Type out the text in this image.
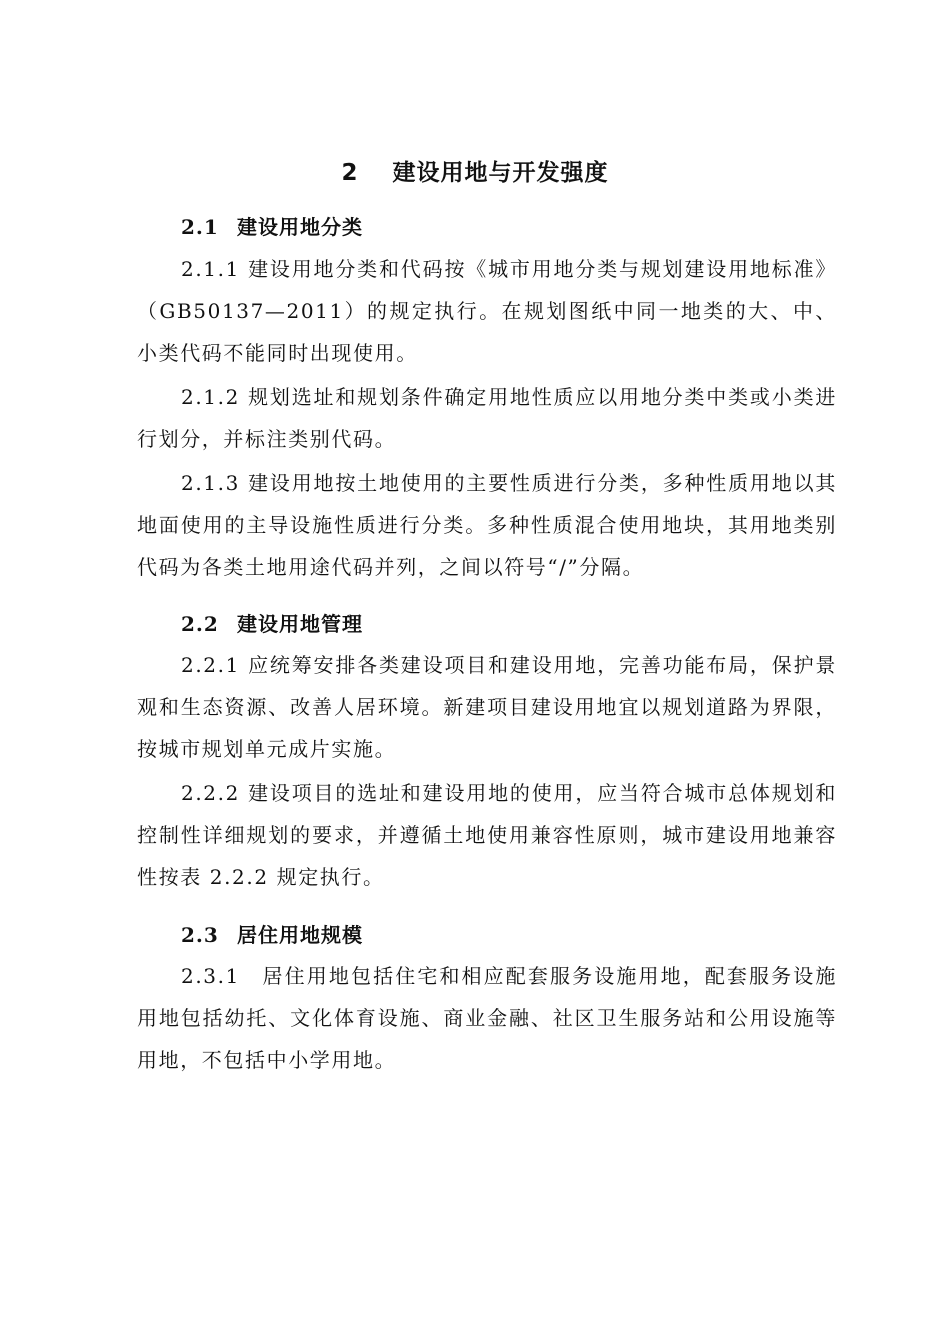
2 建设用地与开发强度
2.1 建设用地分类

2.1.1 建设用地分类和代码按《城市用地分类与规划建设用地标准》（GB50137—2011）的规定执行。在规划图纸中同一地类的大、中、小类代码不能同时出现使用。

2.1.2 规划选址和规划条件确定用地性质应以用地分类中类或小类进行划分，并标注类别代码。

2.1.3 建设用地按土地使用的主要性质进行分类，多种性质用地以其地面使用的主导设施性质进行分类。多种性质混合使用地块，其用地类别代码为各类土地用途代码并列，之间以符号“/”分隔。

2.2 建设用地管理

2.2.1 应统筹安排各类建设项目和建设用地，完善功能布局，保护景观和生态资源、改善人居环境。新建项目建设用地宜以规划道路为界限，按城市规划单元成片实施。

2.2.2 建设项目的选址和建设用地的使用，应当符合城市总体规划和控制性详细规划的要求，并遵循土地使用兼容性原则，城市建设用地兼容性按表 2.2.2 规定执行。

2.3 居住用地规模

2.3.1　居住用地包括住宅和相应配套服务设施用地，配套服务设施用地包括幼托、文化体育设施、商业金融、社区卫生服务站和公用设施等用地，不包括中小学用地。
